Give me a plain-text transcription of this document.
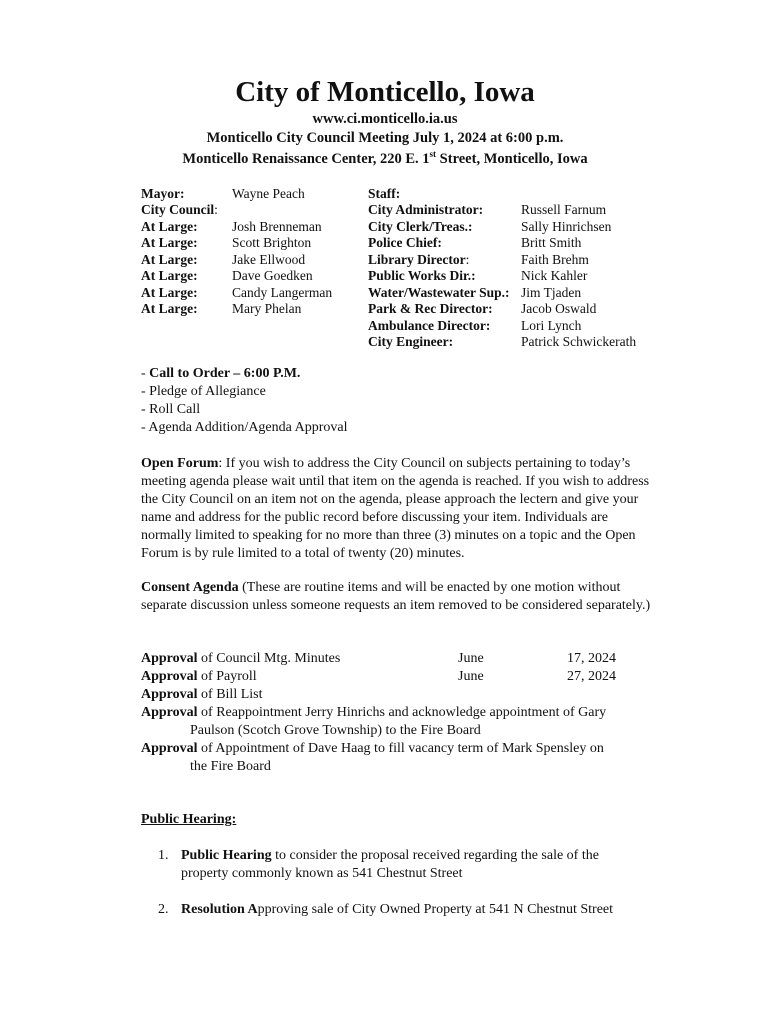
City of Monticello, Iowa
www.ci.monticello.ia.us
Monticello City Council Meeting July 1, 2024 at 6:00 p.m.
Monticello Renaissance Center, 220 E. 1st Street, Monticello, Iowa
Mayor:	Wayne Peach
City Council:
At Large:	Josh Brenneman
At Large:	Scott Brighton
At Large:	Jake Ellwood
At Large:	Dave Goedken
At Large:	Candy Langerman
At Large:	Mary Phelan
Staff:
City Administrator:	Russell Farnum
City Clerk/Treas.:	Sally Hinrichsen
Police Chief:	Britt Smith
Library Director:	Faith Brehm
Public Works Dir.:	Nick Kahler
Water/Wastewater Sup.: Jim Tjaden
Park & Rec Director: Jacob Oswald
Ambulance Director: Lori Lynch
City Engineer:	Patrick Schwickerath
- Call to Order – 6:00 P.M.
- Pledge of Allegiance
- Roll Call
- Agenda Addition/Agenda Approval
Open Forum: If you wish to address the City Council on subjects pertaining to today’s meeting agenda please wait until that item on the agenda is reached. If you wish to address the City Council on an item not on the agenda, please approach the lectern and give your name and address for the public record before discussing your item. Individuals are normally limited to speaking for no more than three (3) minutes on a topic and the Open Forum is by rule limited to a total of twenty (20) minutes.
Consent Agenda (These are routine items and will be enacted by one motion without separate discussion unless someone requests an item removed to be considered separately.)
Approval of Council Mtg. Minutes	June	17, 2024
Approval of Payroll	June	27, 2024
Approval of Bill List
Approval of Reappointment Jerry Hinrichs and acknowledge appointment of Gary
Paulson (Scotch Grove Township) to the Fire Board
Approval of Appointment of Dave Haag to fill vacancy term of Mark Spensley on
the Fire Board
Public Hearing:
1. Public Hearing to consider the proposal received regarding the sale of the
property commonly known as 541 Chestnut Street
2. Resolution Approving sale of City Owned Property at 541 N Chestnut Street
